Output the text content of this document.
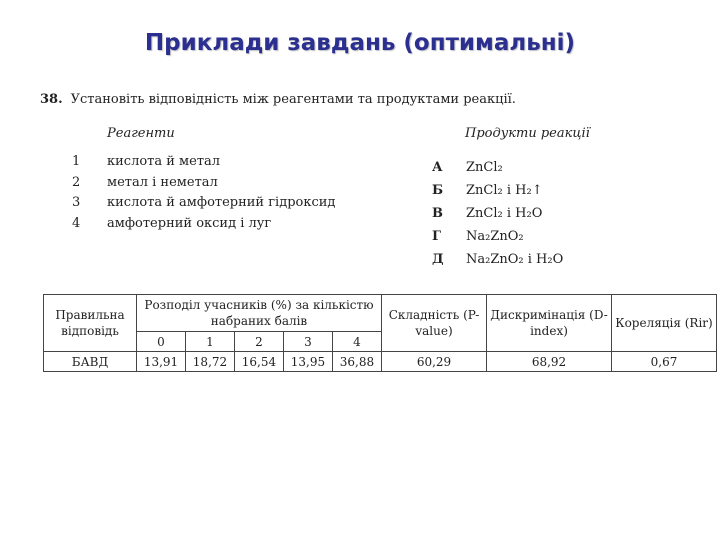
Приклади завдань (оптимальні)
38. Установіть відповідність між реагентами та продуктами реакції.
Реагенти	Продукти реакції
1	кислота й метал
2	метал і неметал
3	кислота й амфотерний гідроксид
4	амфотерний оксид і луг
А	ZnCl₂
Б	ZnCl₂ і H₂↑
В	ZnCl₂ і H₂O
Г	Na₂ZnO₂
Д	Na₂ZnO₂ і H₂O
Правильна відповідь	Розподіл учасників (%) за кількістю набраних балів					Складність (P-value)	Дискримінація (D-index)	Кореляція (Rir)
	0	1	2	3	4			
БАВД	13,91	18,72	16,54	13,95	36,88	60,29	68,92	0,67
